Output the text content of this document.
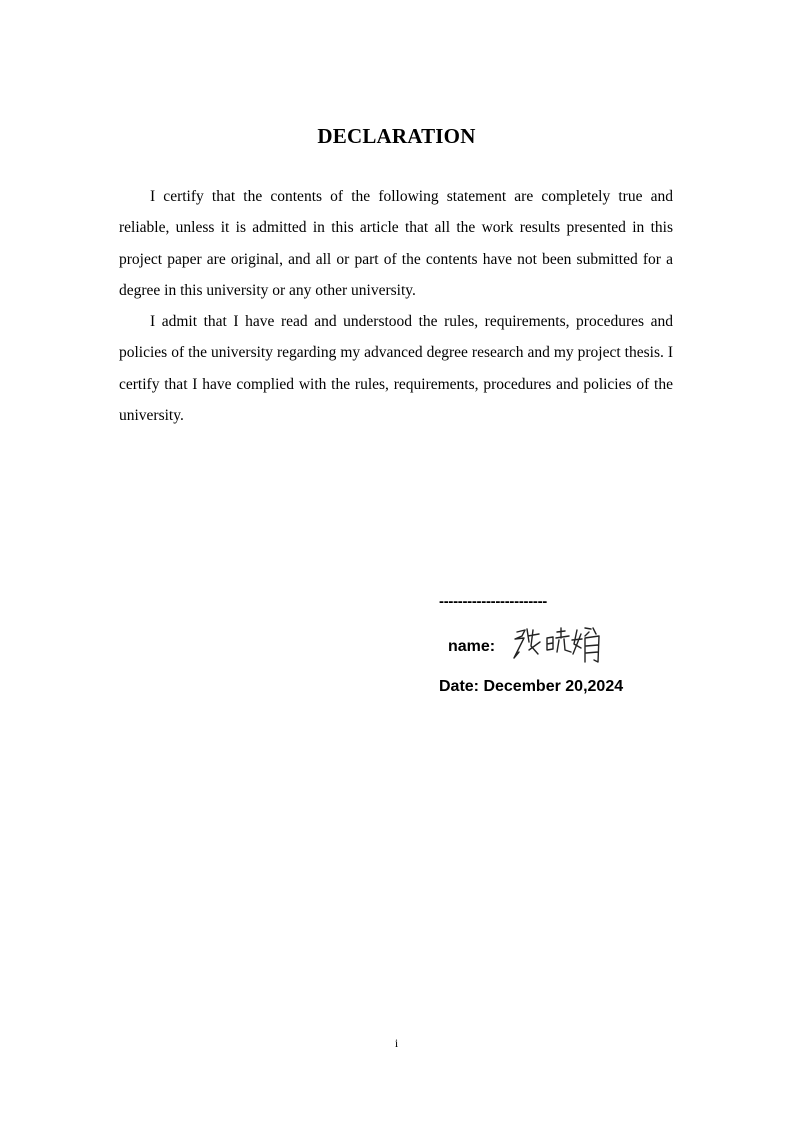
DECLARATION

I certify that the contents of the following statement are completely true and reliable, unless it is admitted in this article that all the work results presented in this project paper are original, and all or part of the contents have not been submitted for a degree in this university or any other university.

I admit that I have read and understood the rules, requirements, procedures and policies of the university regarding my advanced degree research and my project thesis. I certify that I have complied with the rules, requirements, procedures and policies of the university.

-----------------------
name:
Date: December 20,2024
i
